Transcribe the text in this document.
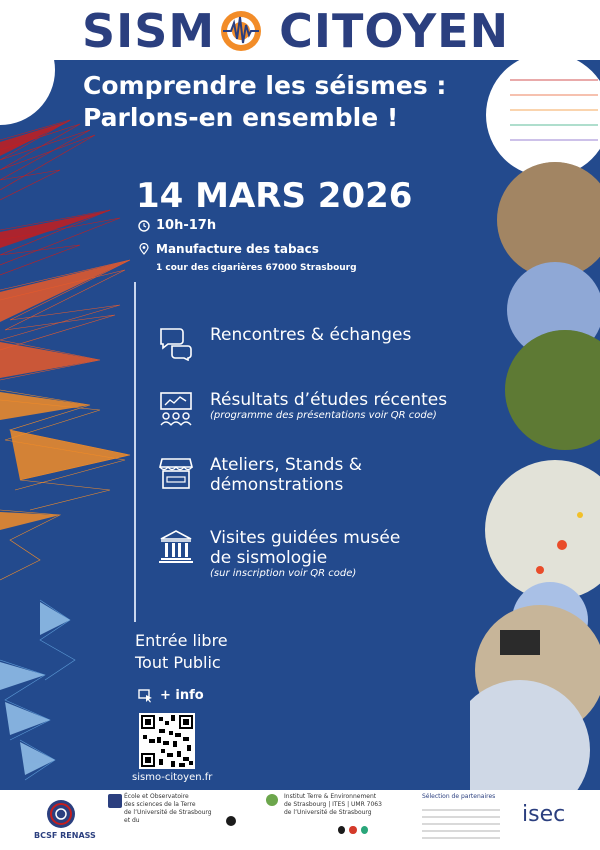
SISM CITOYEN
Comprendre les séismes :
Parlons-en ensemble !
14 MARS 2026
10h-17h
Manufacture des tabacs
1 cour des cigarières 67000 Strasbourg
Rencontres & échanges
Résultats d’études récentes
(programme des présentations voir QR code)
Ateliers, Stands &
démonstrations
Visites guidées musée
de sismologie
(sur inscription voir QR code)
Entrée libre
Tout Public
+ info
sismo-citoyen.fr
BCSF RENASS
École et Observatoire
des sciences de la Terre
de l’Université de Strasbourg
et du
Institut Terre & Environnement
de Strasbourg | ITES | UMR 7063
de l’Université de Strasbourg
Sélection de partenaires
isec
